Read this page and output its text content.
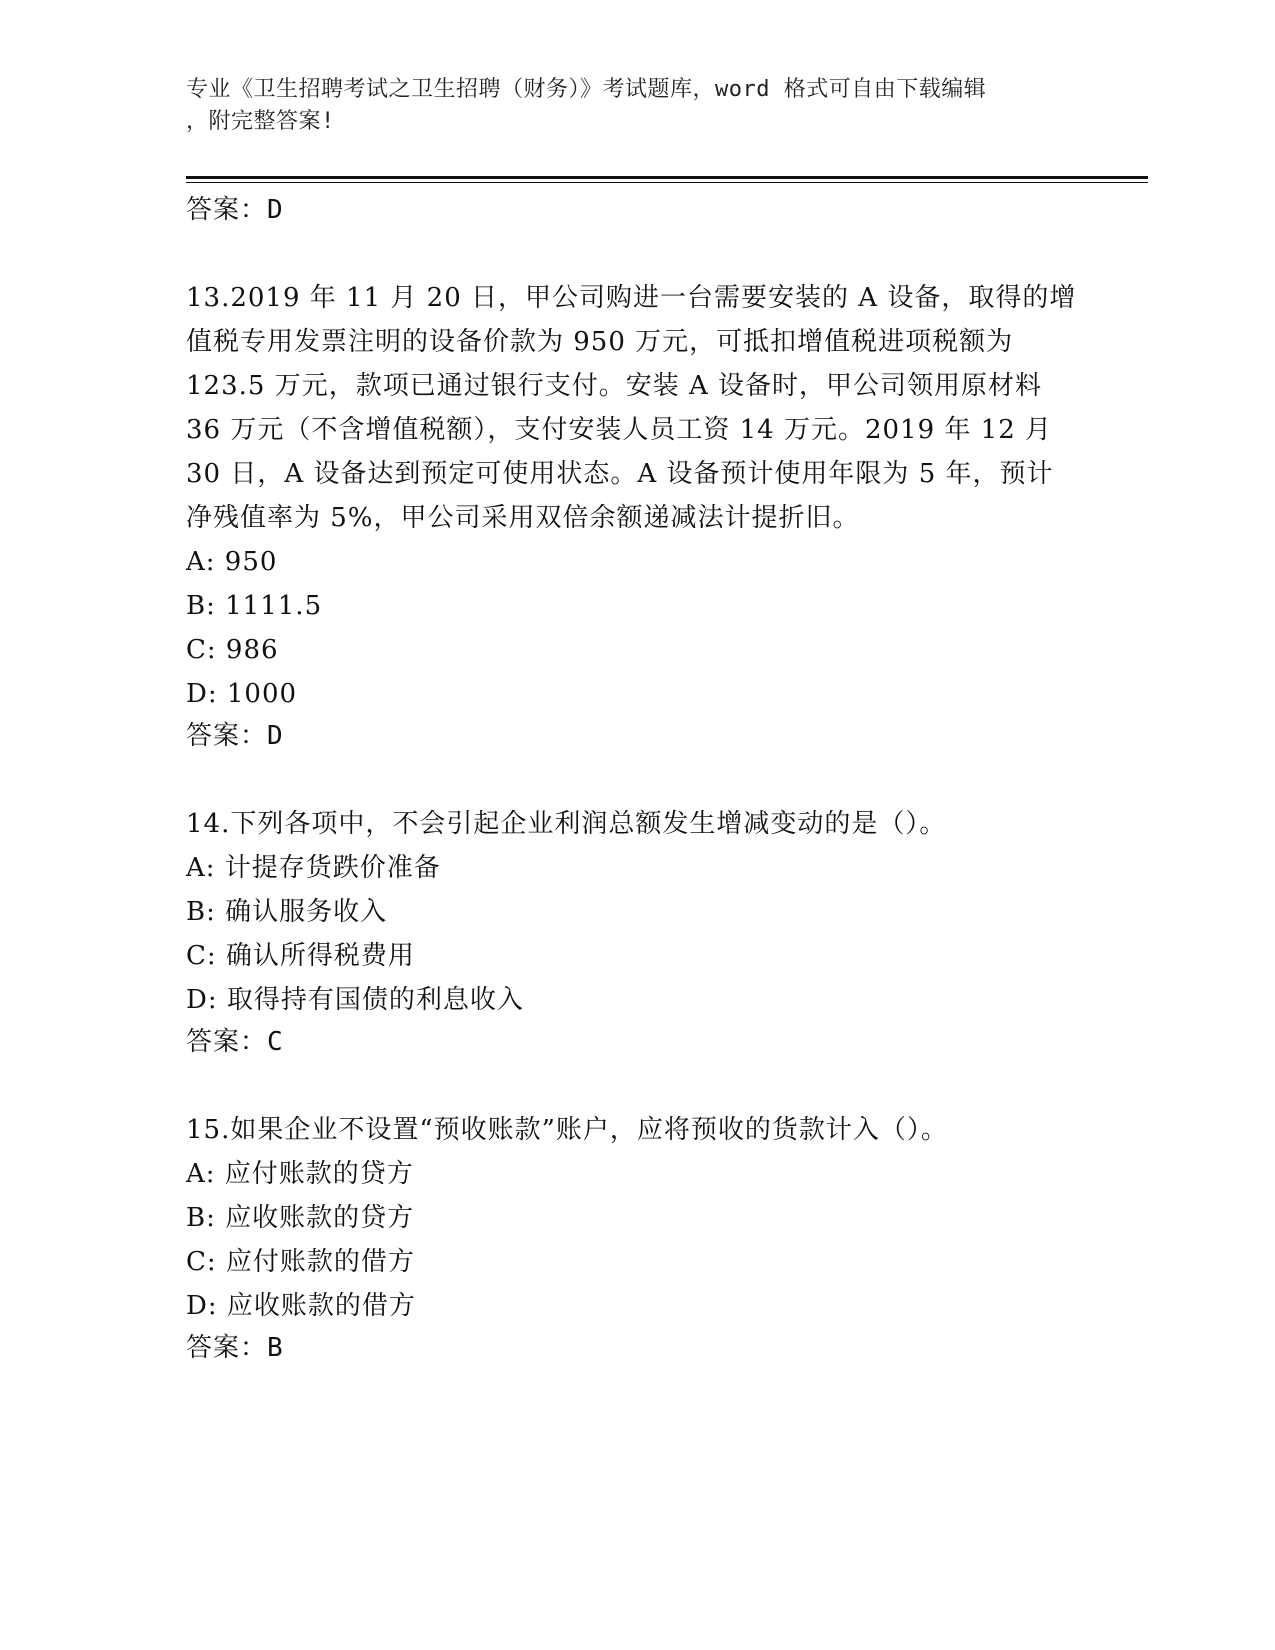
专业《卫生招聘考试之卫生招聘（财务）》考试题库，word 格式可自由下载编辑
，附完整答案!
答案：D
13.2019 年 11 月 20 日，甲公司购进一台需要安装的 A 设备，取得的增
值税专用发票注明的设备价款为 950 万元，可抵扣增值税进项税额为
123.5 万元，款项已通过银行支付。安装 A 设备时，甲公司领用原材料
36 万元（不含增值税额），支付安装人员工资 14 万元。2019 年 12 月
30 日，A 设备达到预定可使用状态。A 设备预计使用年限为 5 年，预计
净残值率为 5%，甲公司采用双倍余额递减法计提折旧。
A: 950
B: 1111.5
C: 986
D: 1000
答案：D
14.下列各项中，不会引起企业利润总额发生增减变动的是（）。
A: 计提存货跌价准备
B: 确认服务收入
C: 确认所得税费用
D: 取得持有国债的利息收入
答案：C
15.如果企业不设置“预收账款”账户，应将预收的货款计入（）。
A: 应付账款的贷方
B: 应收账款的贷方
C: 应付账款的借方
D: 应收账款的借方
答案：B
